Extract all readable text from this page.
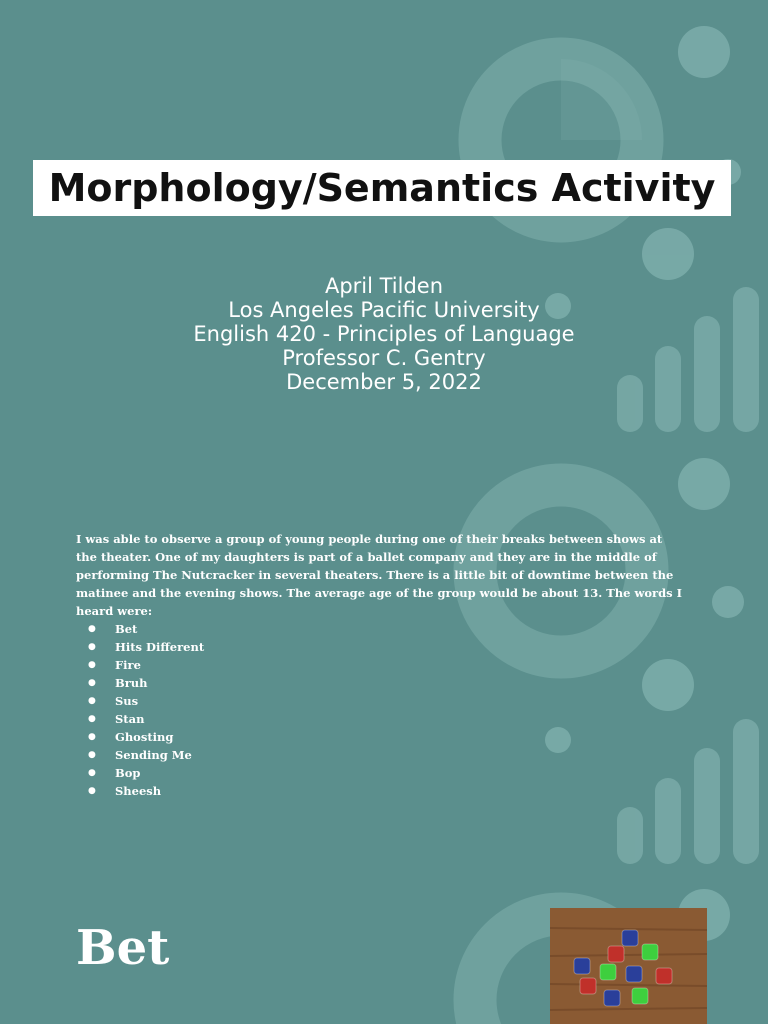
Morphology/Semantics Activity
April Tilden
Los Angeles Pacific University
English 420 - Principles of Language
Professor C. Gentry
December 5, 2022

I was able to observe a group of young people during one of their breaks between shows at the theater. One of my daughters is part of a ballet company and they are in the middle of performing The Nutcracker in several theaters. There is a little bit of downtime between the matinee and the evening shows. The average age of the group would be about 13. The words I heard were:

● Bet
● Hits Different
● Fire
● Bruh
● Sus
● Stan
● Ghosting
● Sending Me
● Bop
● Sheesh
Bet
